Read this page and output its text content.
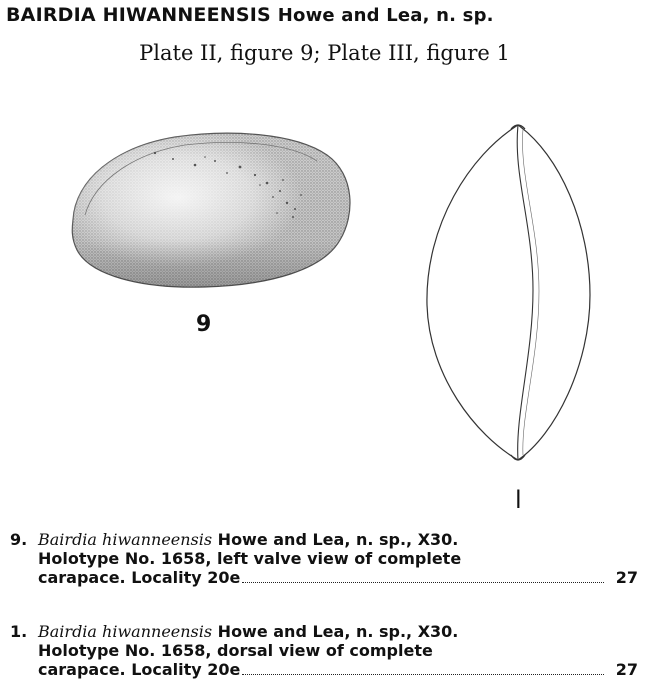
BAIRDIA HIWANNEENSIS Howe and Lea, n. sp.
Plate II, figure 9; Plate III, figure 1
9
l
9. Bairdia hiwanneensis Howe and Lea, n. sp., X30.
Holotype No. 1658, left valve view of complete
carapace. Locality 20e	27
1. Bairdia hiwanneensis Howe and Lea, n. sp., X30.
Holotype No. 1658, dorsal view of complete
carapace. Locality 20e	27
